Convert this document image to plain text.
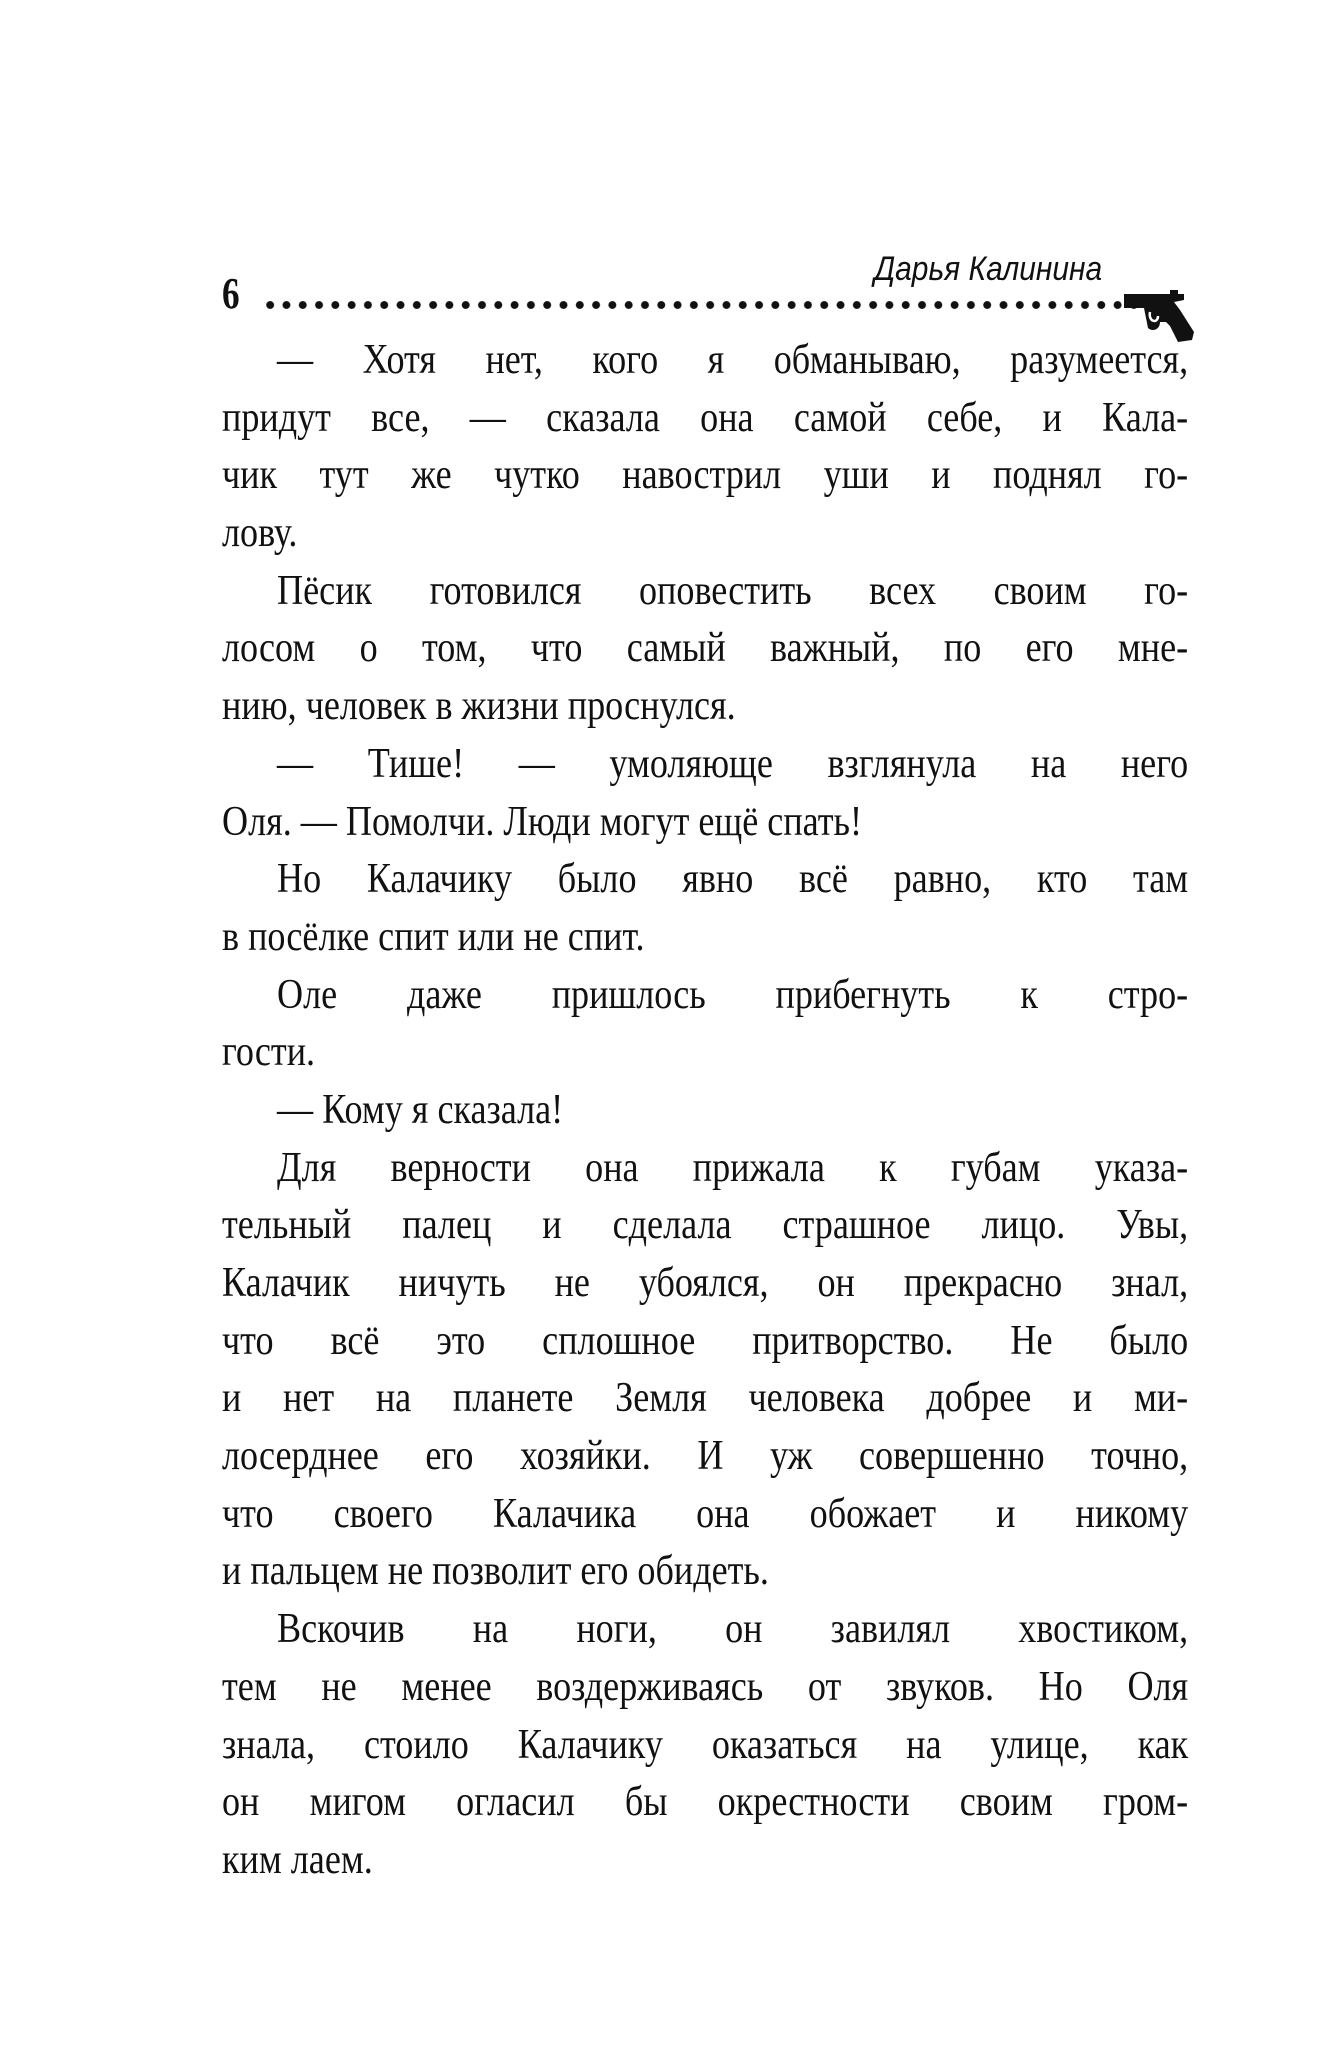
6	Дарья Калинина
— Хотя нет, кого я обманываю, разумеется,
придут все, — сказала она самой себе, и Кала-
чик тут же чутко навострил уши и поднял го-
лову.
Пёсик готовился оповестить всех своим го-
лосом о том, что самый важный, по его мне-
нию, человек в жизни проснулся.
— Тише! — умоляюще взглянула на него
Оля. — Помолчи. Люди могут ещё спать!
Но Калачику было явно всё равно, кто там
в посёлке спит или не спит.
Оле даже пришлось прибегнуть к стро-
гости.
— Кому я сказала!
Для верности она прижала к губам указа-
тельный палец и сделала страшное лицо. Увы,
Калачик ничуть не убоялся, он прекрасно знал,
что всё это сплошное притворство. Не было
и нет на планете Земля человека добрее и ми-
лосерднее его хозяйки. И уж совершенно точно,
что своего Калачика она обожает и никому
и пальцем не позволит его обидеть.
Вскочив на ноги, он завилял хвостиком,
тем не менее воздерживаясь от звуков. Но Оля
знала, стоило Калачику оказаться на улице, как
он мигом огласил бы окрестности своим гром-
ким лаем.
